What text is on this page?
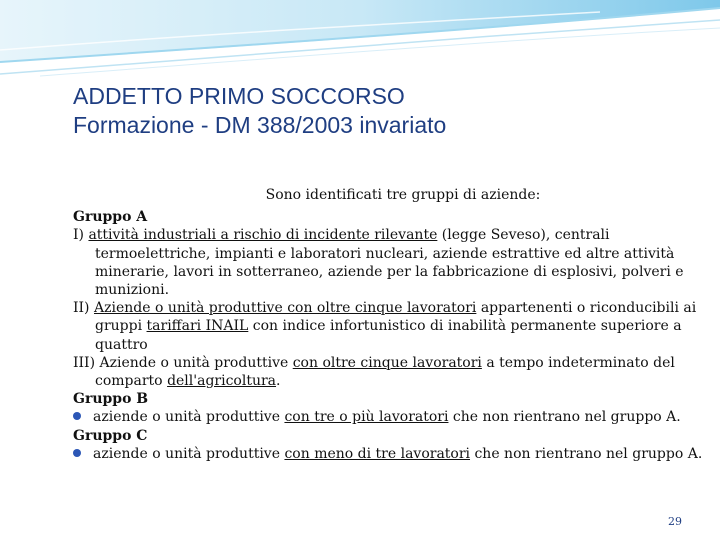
ADDETTO PRIMO SOCCORSO
Formazione - DM 388/2003 invariato
Sono identificati tre gruppi di aziende:
Gruppo A
I) attività industriali a rischio di incidente rilevante (legge Seveso), centrali termoelettriche, impianti e laboratori nucleari, aziende estrattive ed altre attività minerarie, lavori in sotterraneo, aziende per la fabbricazione di esplosivi, polveri e munizioni.
II) Aziende o unità produttive con oltre cinque lavoratori appartenenti o riconducibili ai gruppi tariffari INAIL con indice infortunistico di inabilità permanente superiore a quattro
III) Aziende o unità produttive con oltre cinque lavoratori a tempo indeterminato del comparto dell'agricoltura.
Gruppo B
aziende o unità produttive con tre o più lavoratori che non rientrano nel gruppo A.
Gruppo C
aziende o unità produttive con meno di tre lavoratori che non rientrano nel gruppo A.
29
